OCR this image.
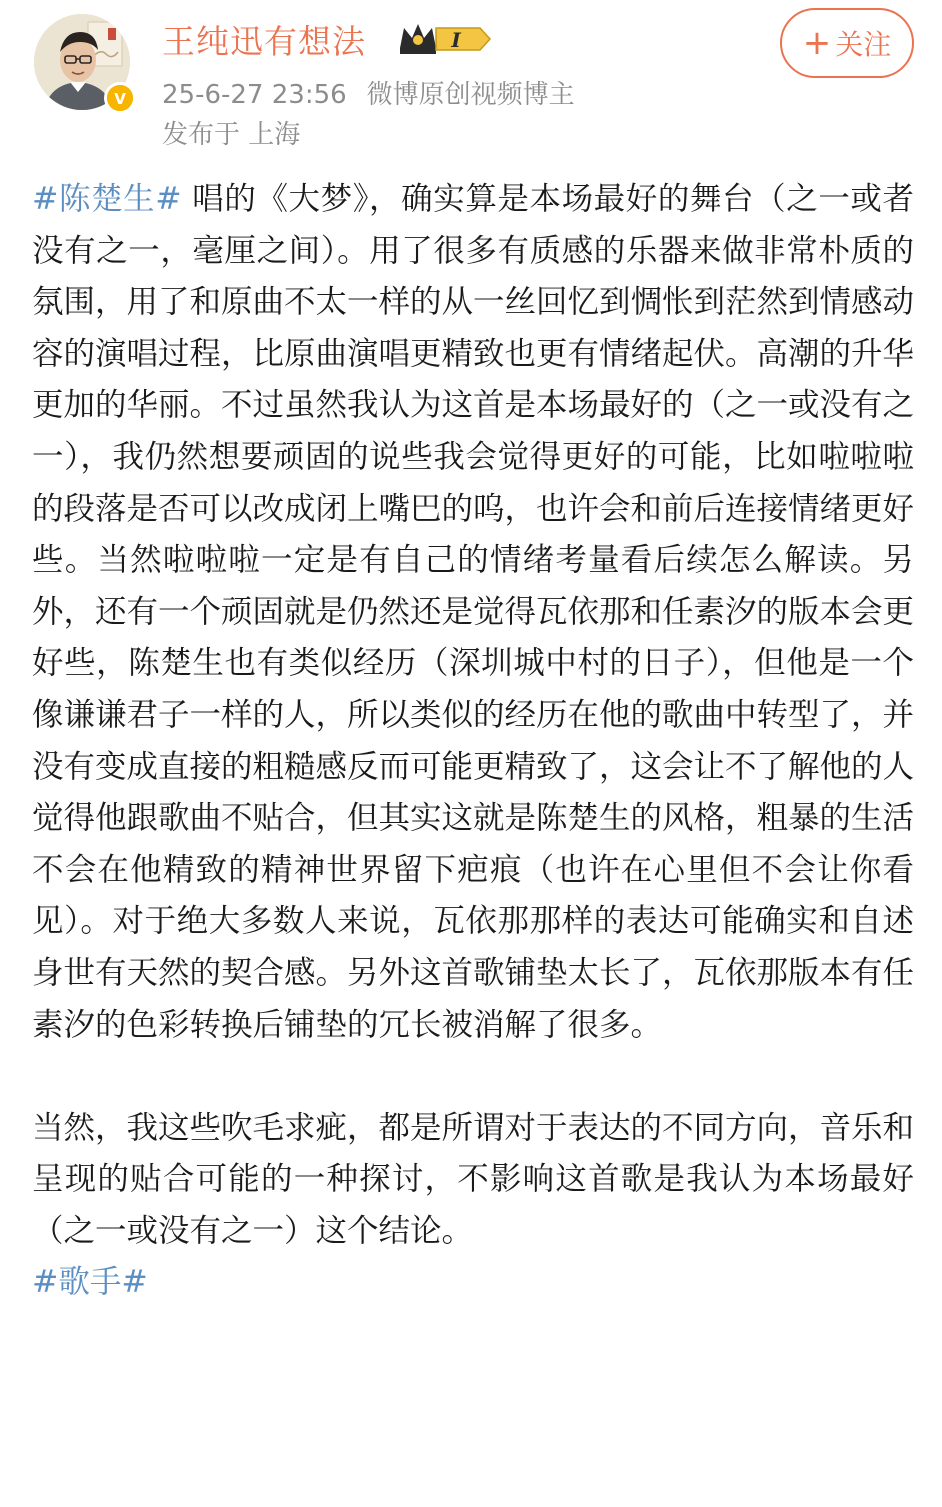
V
王纯迅有想法	I
25-6-27 23:56 微博原创视频博主
发布于 上海
+ 关注

#陈楚生# 唱的《大梦》，确实算是本场最好的舞台（之一或者没有之一，毫厘之间）。用了很多有质感的乐器来做非常朴质的氛围，用了和原曲不太一样的从一丝回忆到惆怅到茫然到情感动容的演唱过程，比原曲演唱更精致也更有情绪起伏。高潮的升华更加的华丽。不过虽然我认为这首是本场最好的（之一或没有之一），我仍然想要顽固的说些我会觉得更好的可能，比如啦啦啦的段落是否可以改成闭上嘴巴的呜，也许会和前后连接情绪更好些。当然啦啦啦一定是有自己的情绪考量看后续怎么解读。另外，还有一个顽固就是仍然还是觉得瓦依那和任素汐的版本会更好些，陈楚生也有类似经历（深圳城中村的日子），但他是一个像谦谦君子一样的人，所以类似的经历在他的歌曲中转型了，并没有变成直接的粗糙感反而可能更精致了，这会让不了解他的人觉得他跟歌曲不贴合，但其实这就是陈楚生的风格，粗暴的生活不会在他精致的精神世界留下疤痕（也许在心里但不会让你看见）。对于绝大多数人来说，瓦依那那样的表达可能确实和自述身世有天然的契合感。另外这首歌铺垫太长了，瓦依那版本有任素汐的色彩转换后铺垫的冗长被消解了很多。

当然，我这些吹毛求疵，都是所谓对于表达的不同方向，音乐和呈现的贴合可能的一种探讨，不影响这首歌是我认为本场最好（之一或没有之一）这个结论。

#歌手#
